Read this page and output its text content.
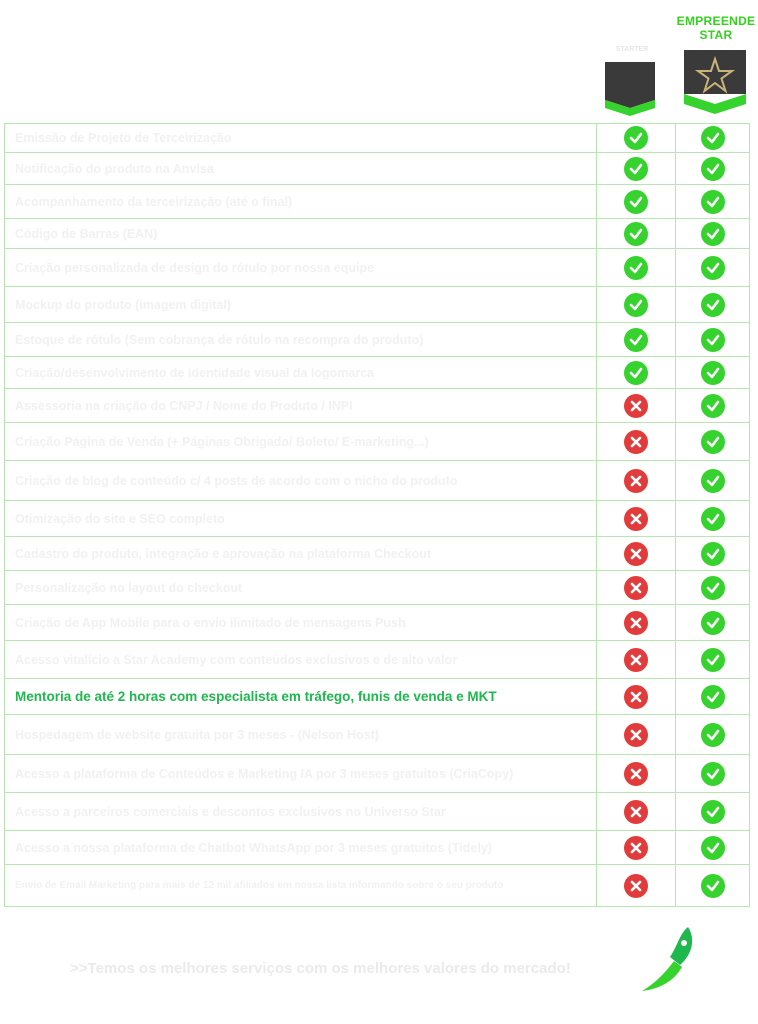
EMPREENDE STAR
STARTER
Emissão de Projeto de Terceirização
Notificação do produto na Anvisa
Acompanhamento da terceirização (até o final)
Código de Barras (EAN)
Criação personalizada de design do rótulo por nossa equipe
Mockup do produto (imagem digital)
Estoque de rótulo (Sem cobrança de rótulo na recompra do produto)
Criação/desenvolvimento de identidade visual da logomarca
Assessoria na criação do CNPJ / Nome do Produto / INPI
Criação Página de Venda (+ Páginas Obrigado/ Boleto/ E-marketing...)
Criação de blog de conteúdo c/ 4 posts de acordo com o nicho do produto
Otimização do site e SEO completo
Cadastro do produto, integração e aprovação na plataforma Checkout
Personalização no layout do checkout
Criação de App Mobile para o envio ilimitado de mensagens Push
Acesso vitalício a Star Academy com conteúdos exclusivos e de alto valor
Mentoria de até 2 horas com especialista em tráfego, funis de venda e MKT
Hospedagem de website gratuita por 3 meses - (Nelson Host)
Acesso a plataforma de Conteúdos e Marketing IA por 3 meses gratuitos (CriaCopy)
Acesso a parceiros comerciais e descontos exclusivos no Universo Star
Acesso a nossa plataforma de Chatbot WhatsApp por 3 meses gratuitos (Tidely)
Envio de Email Marketing para mais de 12 mil afiliados em nossa lista informando sobre o seu produto
>>Temos os melhores serviços com os melhores valores do mercado!
